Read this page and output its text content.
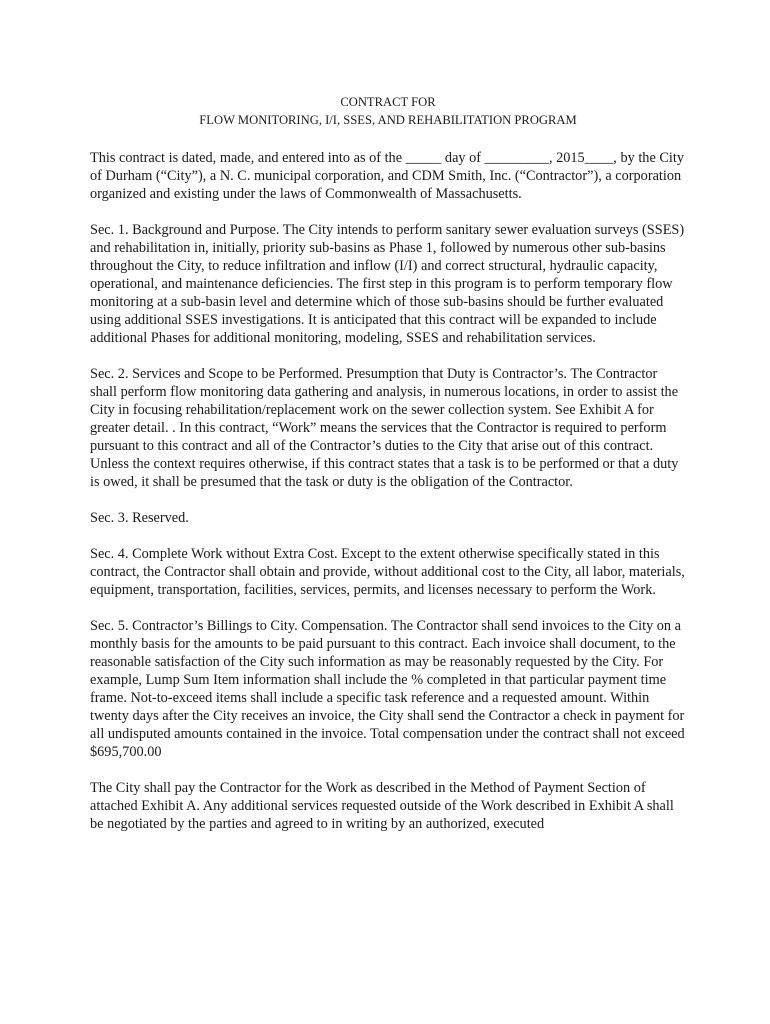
CONTRACT FOR

FLOW MONITORING, I/I, SSES, AND REHABILITATION PROGRAM

This contract is dated, made, and entered into as of the _____ day of _________, 2015____, by the City of Durham (“City”), a N. C. municipal corporation, and CDM Smith, Inc. (“Contractor”), a corporation organized and existing under the laws of Commonwealth of Massachusetts.

Sec. 1. Background and Purpose. The City intends to perform sanitary sewer evaluation surveys (SSES) and rehabilitation in, initially, priority sub-basins as Phase 1, followed by numerous other sub-basins throughout the City, to reduce infiltration and inflow (I/I) and correct structural, hydraulic capacity, operational, and maintenance deficiencies. The first step in this program is to perform temporary flow monitoring at a sub-basin level and determine which of those sub-basins should be further evaluated using additional SSES investigations. It is anticipated that this contract will be expanded to include additional Phases for additional monitoring, modeling, SSES and rehabilitation services.

Sec. 2. Services and Scope to be Performed. Presumption that Duty is Contractor’s. The Contractor shall perform flow monitoring data gathering and analysis, in numerous locations, in order to assist the City in focusing rehabilitation/replacement work on the sewer collection system. See Exhibit A for greater detail. . In this contract, “Work” means the services that the Contractor is required to perform pursuant to this contract and all of the Contractor’s duties to the City that arise out of this contract. Unless the context requires otherwise, if this contract states that a task is to be performed or that a duty is owed, it shall be presumed that the task or duty is the obligation of the Contractor.

Sec. 3. Reserved.

Sec. 4. Complete Work without Extra Cost. Except to the extent otherwise specifically stated in this contract, the Contractor shall obtain and provide, without additional cost to the City, all labor, materials, equipment, transportation, facilities, services, permits, and licenses necessary to perform the Work.

Sec. 5. Contractor’s Billings to City. Compensation. The Contractor shall send invoices to the City on a monthly basis for the amounts to be paid pursuant to this contract. Each invoice shall document, to the reasonable satisfaction of the City such information as may be reasonably requested by the City. For example, Lump Sum Item information shall include the % completed in that particular payment time frame. Not-to-exceed items shall include a specific task reference and a requested amount. Within twenty days after the City receives an invoice, the City shall send the Contractor a check in payment for all undisputed amounts contained in the invoice. Total compensation under the contract shall not exceed $695,700.00

The City shall pay the Contractor for the Work as described in the Method of Payment Section of attached Exhibit A. Any additional services requested outside of the Work described in Exhibit A shall be negotiated by the parties and agreed to in writing by an authorized, executed
